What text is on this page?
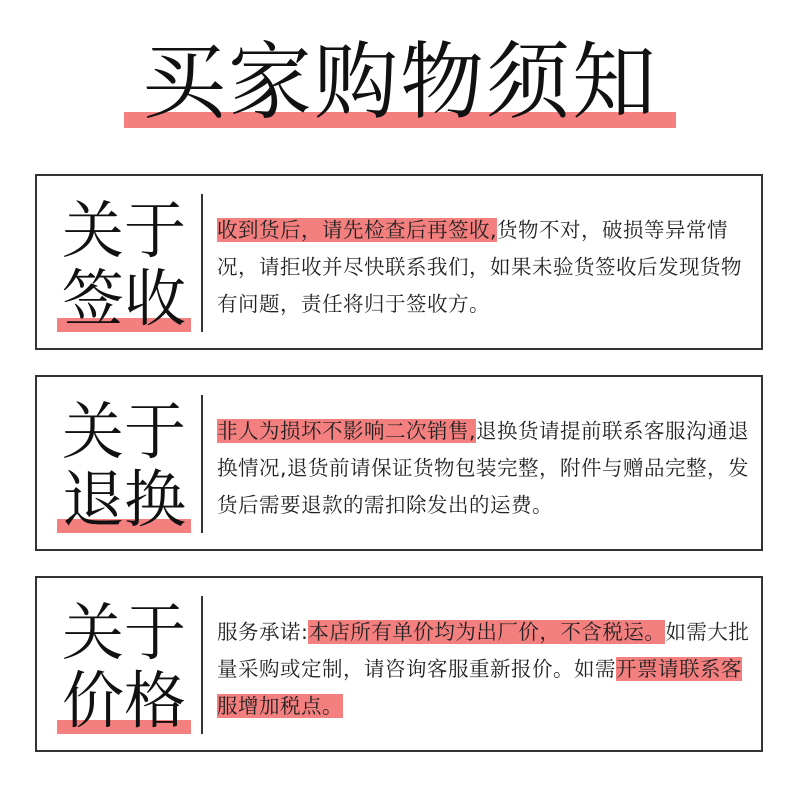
买家购物须知
关于
签收
收到货后，请先检查后再签收,货物不对，破损等异常情况，请拒收并尽快联系我们，如果未验货签收后发现货物有问题，责任将归于签收方。
关于
退换
非人为损坏不影响二次销售,退换货请提前联系客服沟通退换情况,退货前请保证货物包装完整，附件与赠品完整，发货后需要退款的需扣除发出的运费。
关于
价格
服务承诺:本店所有单价均为出厂价，不含税运。如需大批量采购或定制，请咨询客服重新报价。如需开票请联系客服增加税点。
